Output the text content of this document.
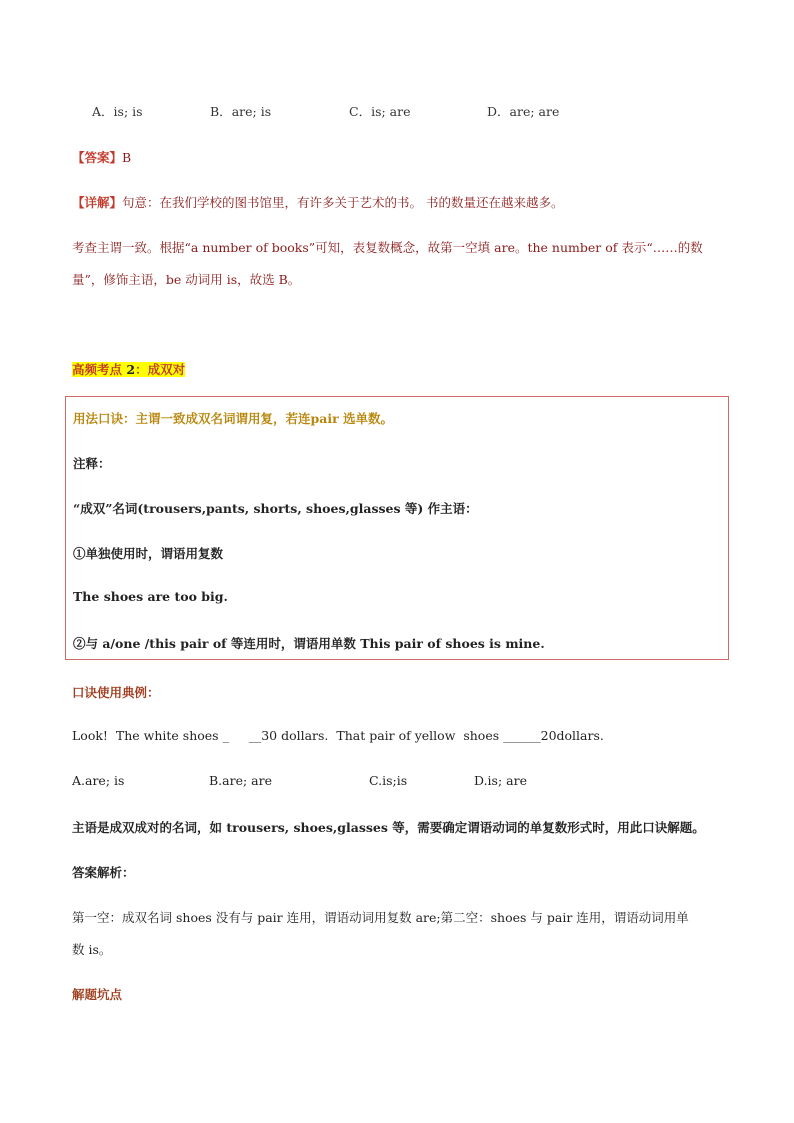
A．is; is	B．are; is	C．is; are	D．are; are
【答案】B
【详解】句意：在我们学校的图书馆里，有许多关于艺术的书。 书的数量还在越来越多。
考查主谓一致。根据“a number of books”可知，表复数概念，故第一空填 are。the number of 表示“……的数
量”，修饰主语，be 动词用 is，故选 B。
高频考点 2：成双对
用法口诀：主谓一致成双名词谓用复，若连pair 选单数。
注释：
“成双”名词(trousers,pants, shorts, shoes,glasses 等) 作主语：
①单独使用时，谓语用复数
The shoes are too big.
②与 a/one /this pair of 等连用时，谓语用单数 This pair of shoes is mine.
口诀使用典例：
Look!  The white shoes _     __30 dollars.  That pair of yellow  shoes ______20dollars.
A.are; is	B.are; are	C.is;is	D.is; are
主语是成双成对的名词，如 trousers, shoes,glasses 等，需要确定谓语动词的单复数形式时，用此口诀解题。
答案解析：
第一空：成双名词 shoes 没有与 pair 连用，谓语动词用复数 are;第二空：shoes 与 pair 连用，谓语动词用单
数 is。
解题坑点
